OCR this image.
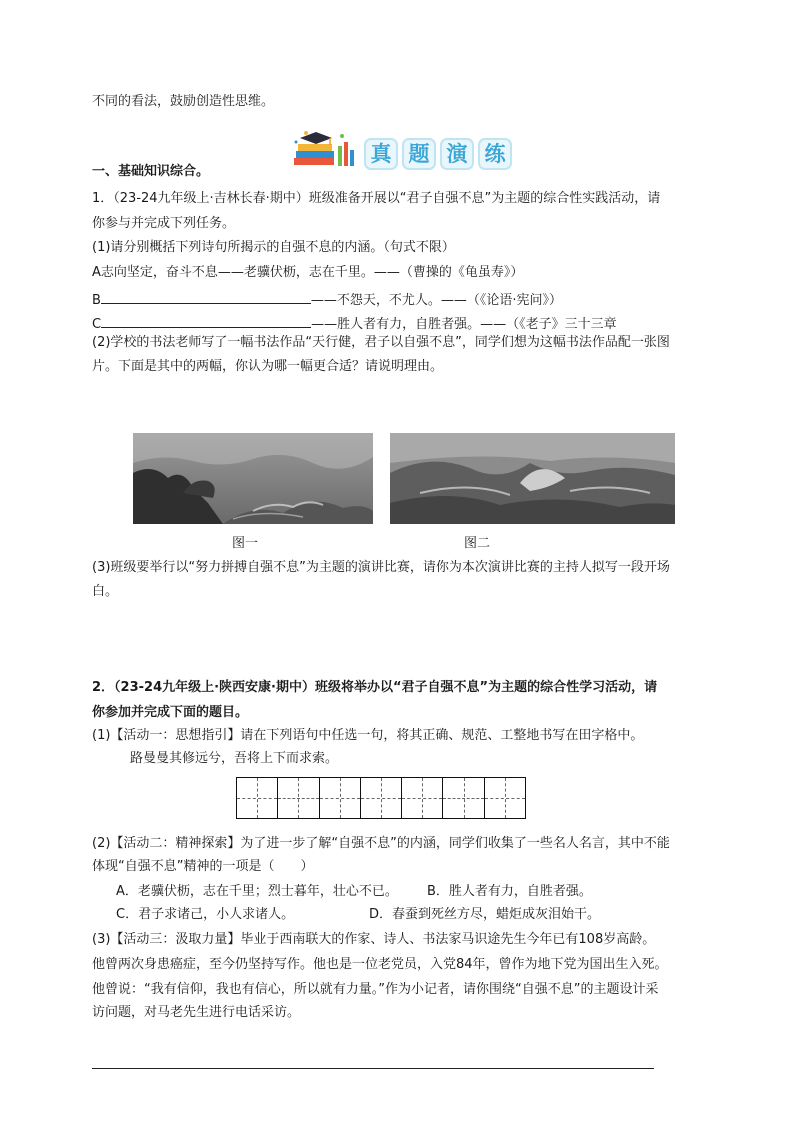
不同的看法，鼓励创造性思维。
真 题 演 练
一、基础知识综合。
1．（23-24九年级上·吉林长春·期中）班级准备开展以“君子自强不息”为主题的综合性实践活动，请
你参与并完成下列任务。
(1)请分别概括下列诗句所揭示的自强不息的内涵。（句式不限）
A志向坚定，奋斗不息——老骥伏枥，志在千里。——（曹操的《龟虽寿》）
B	——不怨天，不尤人。——（《论语·宪问》）
C	——胜人者有力，自胜者强。——（《老子》三十三章
(2)学校的书法老师写了一幅书法作品“天行健，君子以自强不息”，同学们想为这幅书法作品配一张图
片。下面是其中的两幅，你认为哪一幅更合适？请说明理由。
图一	图二
(3)班级要举行以“努力拼搏自强不息”为主题的演讲比赛，请你为本次演讲比赛的主持人拟写一段开场
白。
2．（23-24九年级上·陕西安康·期中）班级将举办以“君子自强不息”为主题的综合性学习活动，请
你参加并完成下面的题目。
(1)【活动一：思想指引】请在下列语句中任选一句，将其正确、规范、工整地书写在田字格中。
路曼曼其修远兮，吾将上下而求索。
(2)【活动二：精神探索】为了进一步了解“自强不息”的内涵，同学们收集了一些名人名言，其中不能
体现“自强不息”精神的一项是（　　）
A．老骥伏枥，志在千里；烈士暮年，壮心不已。 B．胜人者有力，自胜者强。
C．君子求诸己，小人求诸人。	D．春蚕到死丝方尽，蜡炬成灰泪始干。
(3)【活动三：汲取力量】毕业于西南联大的作家、诗人、书法家马识途先生今年已有108岁高龄。
他曾两次身患癌症，至今仍坚持写作。他也是一位老党员，入党84年，曾作为地下党为国出生入死。
他曾说：“我有信仰，我也有信心，所以就有力量。”作为小记者，请你围绕“自强不息”的主题设计采
访问题，对马老先生进行电话采访。
